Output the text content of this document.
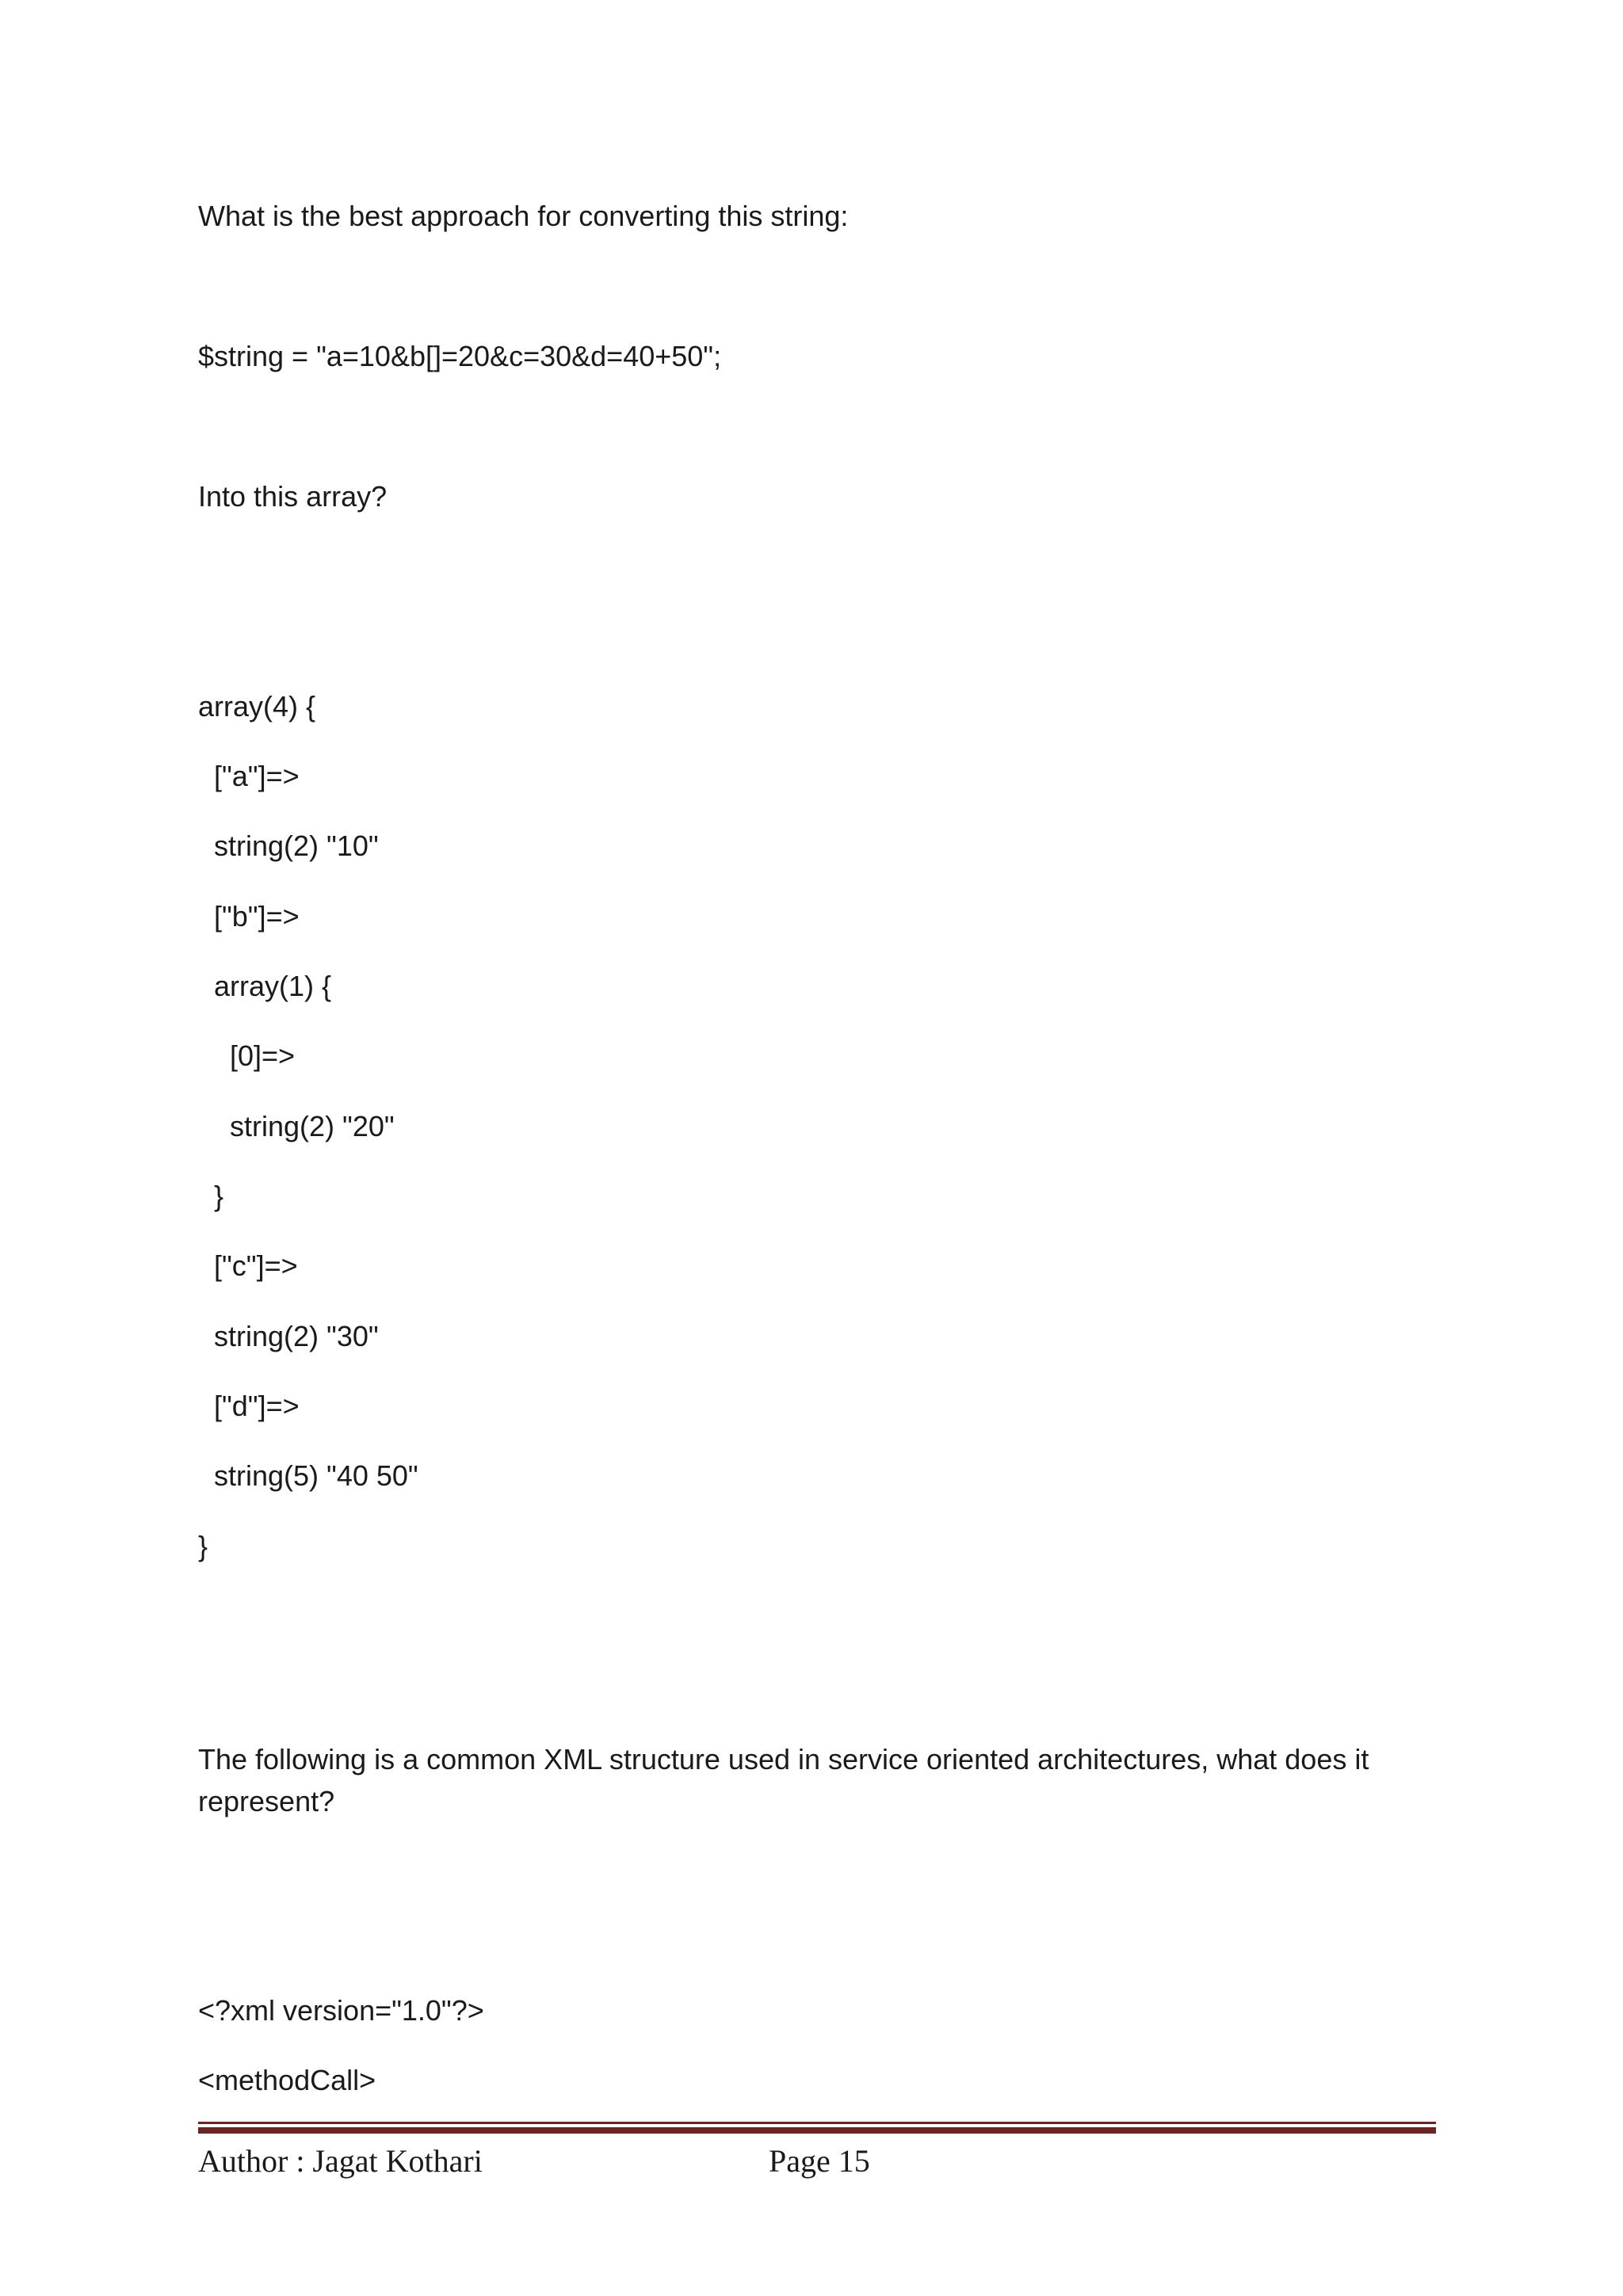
What is the best approach for converting this string:

$string = "a=10&b[]=20&c=30&d=40+50";

Into this array?

array(4) {

["a"]=>

string(2) "10"

["b"]=>

array(1) {

[0]=>

string(2) "20"

}

["c"]=>

string(2) "30"

["d"]=>

string(5) "40 50"

}

The following is a common XML structure used in service oriented architectures, what does it represent?

<?xml version="1.0"?>

<methodCall>

Author : Jagat Kothari	Page 15
